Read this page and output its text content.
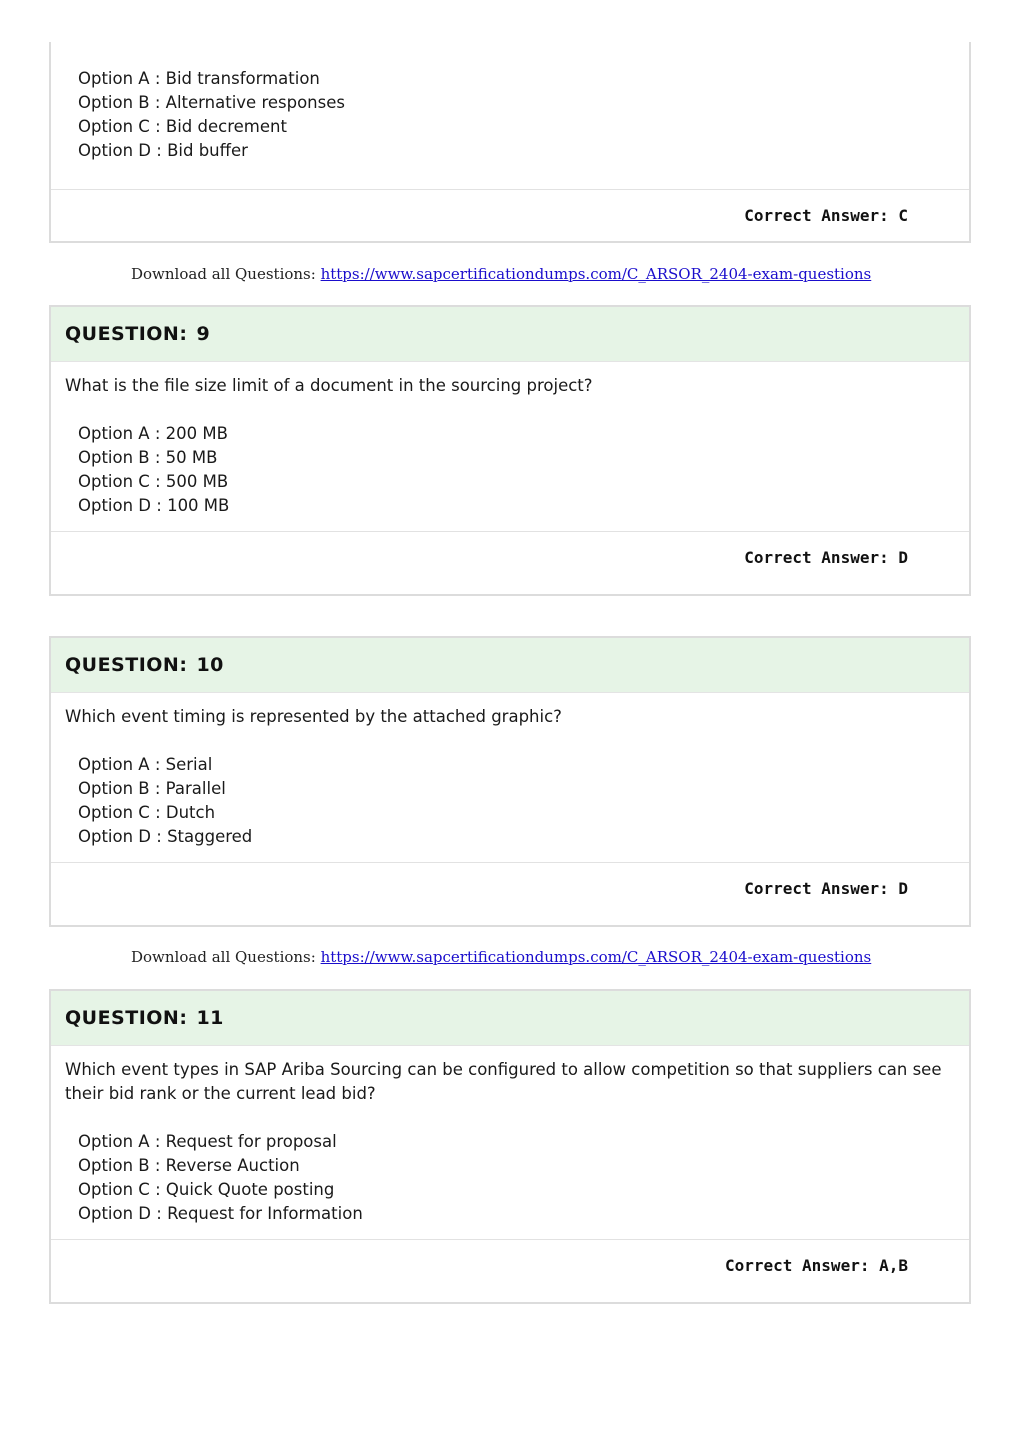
Option A : Bid transformation
Option B : Alternative responses
Option C : Bid decrement
Option D : Bid buffer
Correct Answer: C
Download all Questions: https://www.sapcertificationdumps.com/C_ARSOR_2404-exam-questions
QUESTION: 9

What is the file size limit of a document in the sourcing project?

Option A : 200 MB
Option B : 50 MB
Option C : 500 MB
Option D : 100 MB
Correct Answer: D
QUESTION: 10

Which event timing is represented by the attached graphic?

Option A : Serial
Option B : Parallel
Option C : Dutch
Option D : Staggered
Correct Answer: D
Download all Questions: https://www.sapcertificationdumps.com/C_ARSOR_2404-exam-questions
QUESTION: 11

Which event types in SAP Ariba Sourcing can be configured to allow competition so that suppliers can see their bid rank or the current lead bid?

Option A : Request for proposal
Option B : Reverse Auction
Option C : Quick Quote posting
Option D : Request for Information
Correct Answer: A,B
